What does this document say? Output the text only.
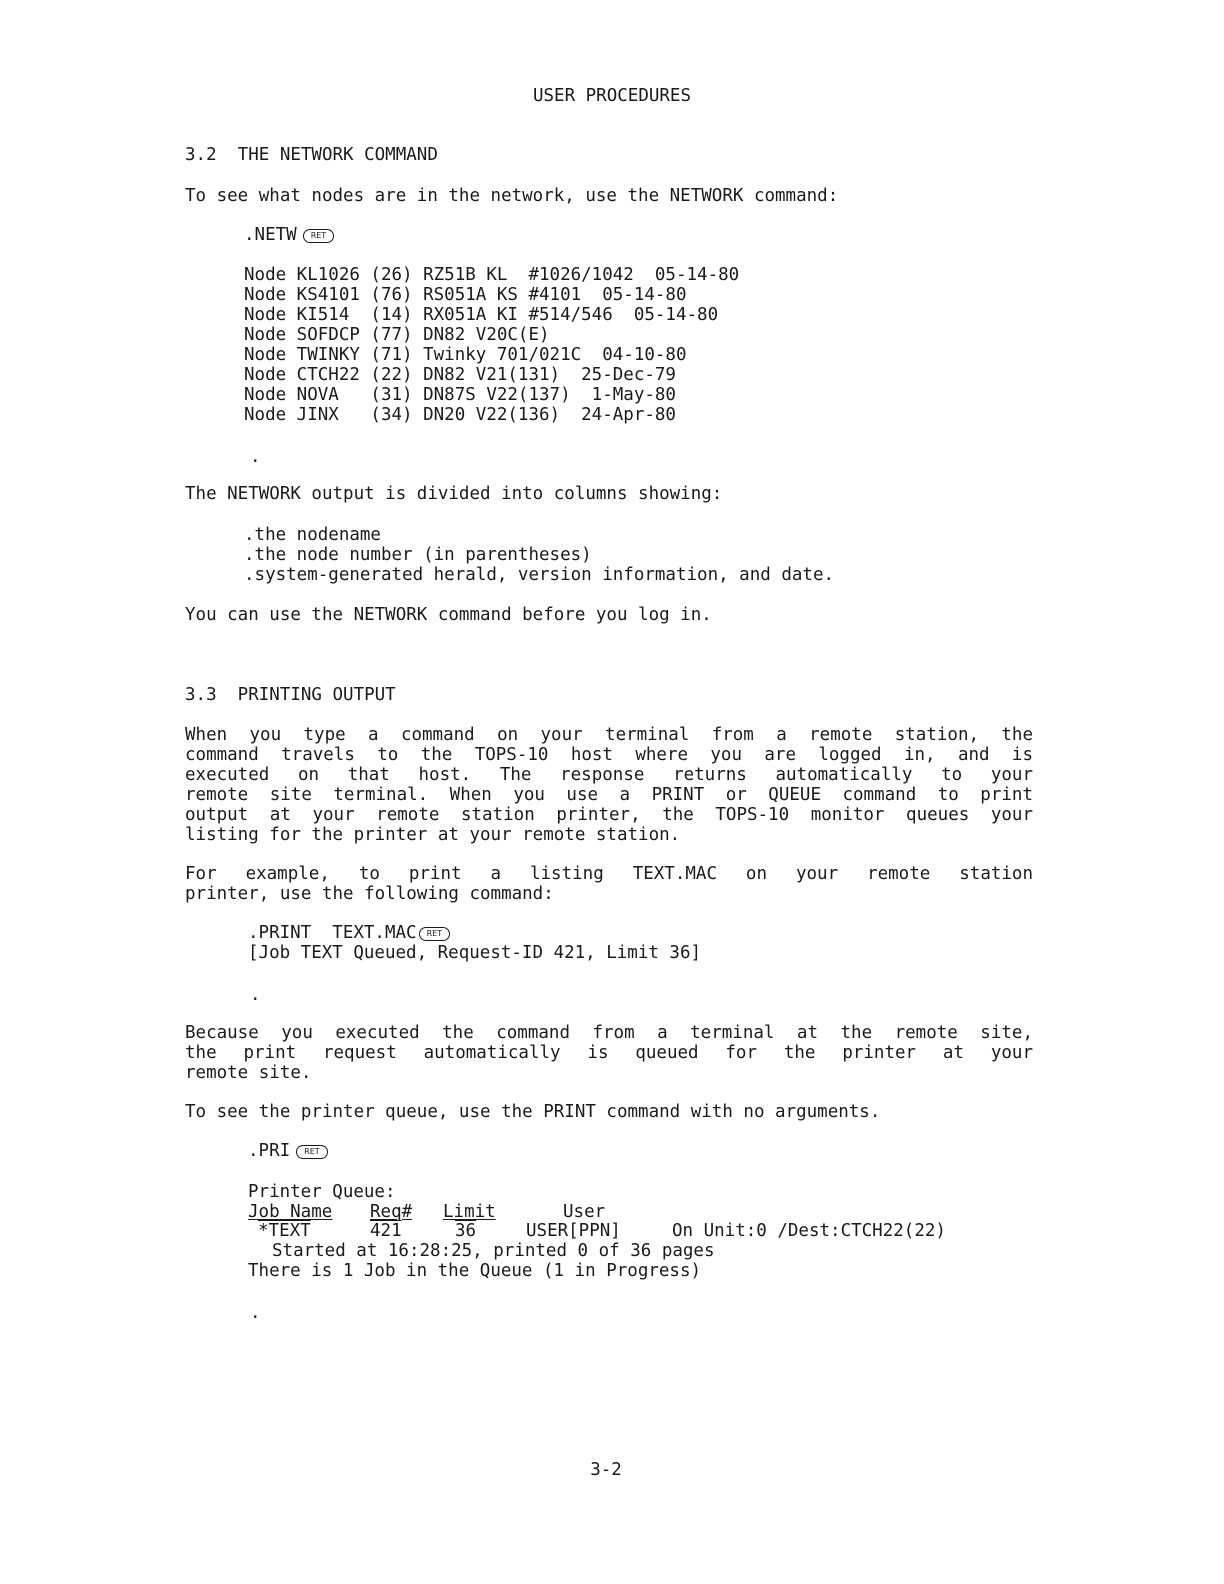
USER PROCEDURES
3.2  THE NETWORK COMMAND
To see what nodes are in the network, use the NETWORK command:
.NETW RET
Node KL1026 (26) RZ51B KL  #1026/1042  05-14-80
Node KS4101 (76) RS051A KS #4101  05-14-80
Node KI514  (14) RX051A KI #514/546  05-14-80
Node SOFDCP (77) DN82 V20C(E)
Node TWINKY (71) Twinky 701/021C  04-10-80
Node CTCH22 (22) DN82 V21(131)  25-Dec-79
Node NOVA   (31) DN87S V22(137)  1-May-80
Node JINX   (34) DN20 V22(136)  24-Apr-80
.
The NETWORK output is divided into columns showing:
.the nodename
.the node number (in parentheses)
.system-generated herald, version information, and date.
You can use the NETWORK command before you log in.
3.3  PRINTING OUTPUT
When you type a command on your terminal from a remote station, the
command travels to the TOPS-10 host where you are logged in, and is
executed on that host. The response returns automatically to your
remote site terminal. When you use a PRINT or QUEUE command to print
output at your remote station printer, the TOPS-10 monitor queues your
listing for the printer at your remote station.
For example, to print a listing TEXT.MAC on your remote station
printer, use the following command:
.PRINT  TEXT.MAC RET
[Job TEXT Queued, Request-ID 421, Limit 36]
.
Because you executed the command from a terminal at the remote site,
the print request automatically is queued for the printer at your
remote site.
To see the printer queue, use the PRINT command with no arguments.
.PRI RET
Printer Queue:
Job Name Req# Limit	User
*TEXT	421	36	USER[PPN]	On Unit:0 /Dest:CTCH22(22)
Started at 16:28:25, printed 0 of 36 pages
There is 1 Job in the Queue (1 in Progress)
.
3-2
